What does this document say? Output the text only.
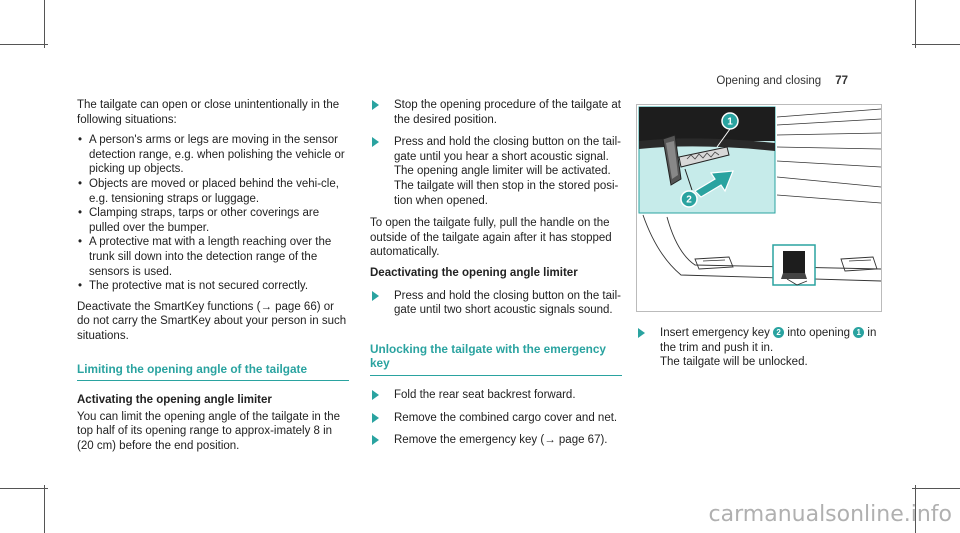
Opening and closing 77

The tailgate can open or close unintentionally in the following situations:

• A person's arms or legs are moving in the sensor detection range, e.g. when polishing the vehicle or picking up objects.
• Objects are moved or placed behind the vehi-cle, e.g. tensioning straps or luggage.
• Clamping straps, tarps or other coverings are pulled over the bumper.
• A protective mat with a length reaching over the trunk sill down into the detection range of the sensors is used.
• The protective mat is not secured correctly.

Deactivate the SmartKey functions (→ page 66) or do not carry the SmartKey about your person in such situations.

Limiting the opening angle of the tailgate
Activating the opening angle limiter

You can limit the opening angle of the tailgate in the top half of its opening range to approx-imately 8 in (20 cm) before the end position.

Stop the opening procedure of the tailgate at the desired position.
Press and hold the closing button on the tail-gate until you hear a short acoustic signal. The opening angle limiter will be activated. The tailgate will then stop in the stored posi-tion when opened.

To open the tailgate fully, pull the handle on the outside of the tailgate again after it has stopped automatically.

Deactivating the opening angle limiter
Press and hold the closing button on the tail-gate until two short acoustic signals sound.
Unlocking the tailgate with the emergency key
Fold the rear seat backrest forward.
Remove the combined cargo cover and net.
Remove the emergency key (→ page 67).
1
2
Insert emergency key 2 into opening 1 in the trim and push it in.
The tailgate will be unlocked.
carmanualsonline.info
